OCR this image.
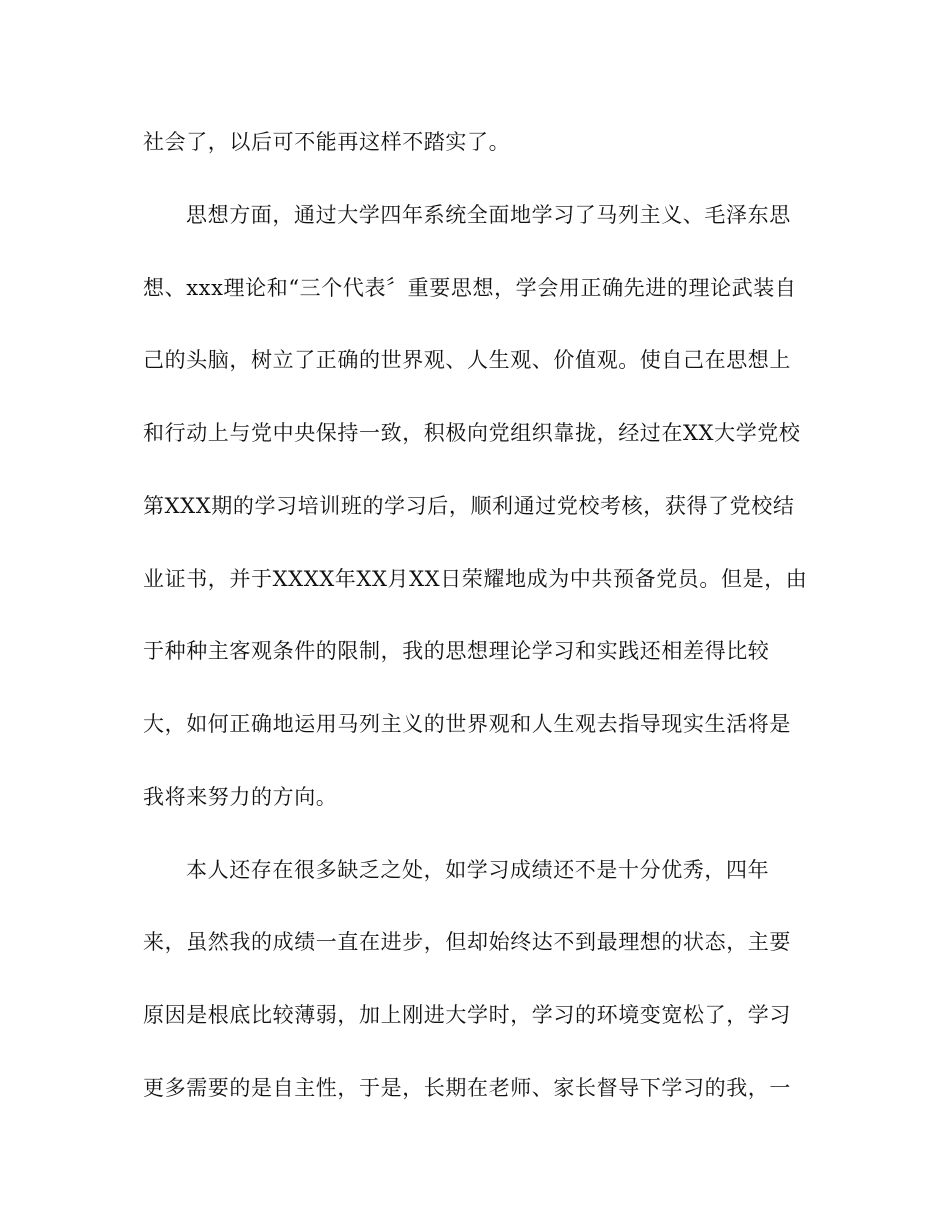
社会了，以后可不能再这样不踏实了。
思想方面，通过大学四年系统全面地学习了马列主义、毛泽东思
想、xxx理论和“三个代表〞重要思想，学会用正确先进的理论武装自
己的头脑，树立了正确的世界观、人生观、价值观。使自己在思想上
和行动上与党中央保持一致，积极向党组织靠拢，经过在XX大学党校
第XXX期的学习培训班的学习后，顺利通过党校考核，获得了党校结
业证书，并于XXXX年XX月XX日荣耀地成为中共预备党员。但是，由
于种种主客观条件的限制，我的思想理论学习和实践还相差得比较
大，如何正确地运用马列主义的世界观和人生观去指导现实生活将是
我将来努力的方向。
本人还存在很多缺乏之处，如学习成绩还不是十分优秀，四年
来，虽然我的成绩一直在进步，但却始终达不到最理想的状态，主要
原因是根底比较薄弱，加上刚进大学时，学习的环境变宽松了，学习
更多需要的是自主性，于是，长期在老师、家长督导下学习的我，一
